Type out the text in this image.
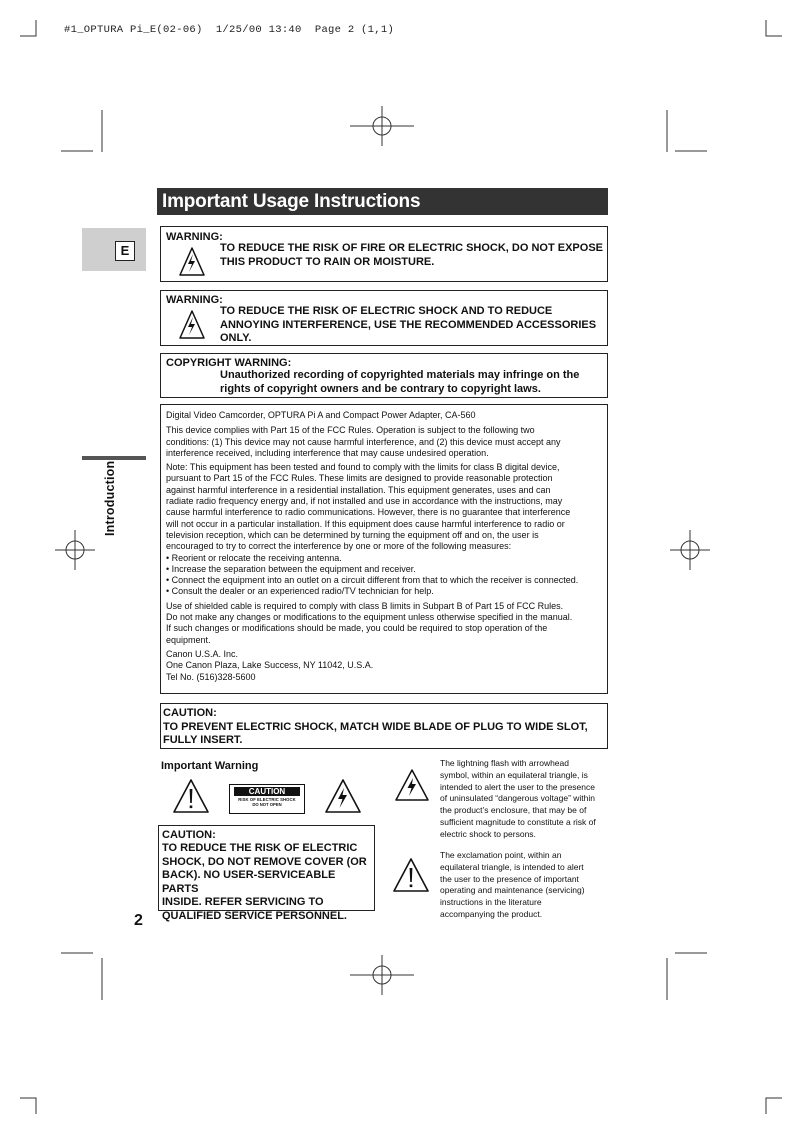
#1_OPTURA Pi_E(02-06)  1/25/00 13:40  Page 2 (1,1)
Important Usage Instructions
E
Introduction
WARNING:
TO REDUCE THE RISK OF FIRE OR ELECTRIC SHOCK, DO NOT EXPOSE
THIS PRODUCT TO RAIN OR MOISTURE.
WARNING:
TO REDUCE THE RISK OF ELECTRIC SHOCK AND TO REDUCE
ANNOYING INTERFERENCE, USE THE RECOMMENDED ACCESSORIES
ONLY.
COPYRIGHT WARNING:
Unauthorized recording of copyrighted materials may infringe on the
rights of copyright owners and be contrary to copyright laws.

Digital Video Camcorder, OPTURA Pi A and Compact Power Adapter, CA-560

This device complies with Part 15 of the FCC Rules. Operation is subject to the following two
conditions: (1) This device may not cause harmful interference, and (2) this device must accept any
interference received, including interference that may cause undesired operation.
Note: This equipment has been tested and found to comply with the limits for class B digital device,
pursuant to Part 15 of the FCC Rules. These limits are designed to provide reasonable protection
against harmful interference in a residential installation. This equipment generates, uses and can
radiate radio frequency energy and, if not installed and use in accordance with the instructions, may
cause harmful interference to radio communications. However, there is no guarantee that interference
will not occur in a particular installation. If this equipment does cause harmful interference to radio or
television reception, which can be determined by turning the equipment off and on, the user is
encouraged to try to correct the interference by one or more of the following measures:
• Reorient or relocate the receiving antenna.
• Increase the separation between the equipment and receiver.
• Connect the equipment into an outlet on a circuit different from that to which the receiver is connected.
• Consult the dealer or an experienced radio/TV technician for help.
Use of shielded cable is required to comply with class B limits in Subpart B of Part 15 of FCC Rules.
Do not make any changes or modifications to the equipment unless otherwise specified in the manual.
If such changes or modifications should be made, you could be required to stop operation of the
equipment.
Canon U.S.A. Inc.
One Canon Plaza, Lake Success, NY 11042, U.S.A.
Tel No. (516)328-5600
CAUTION:
TO PREVENT ELECTRIC SHOCK, MATCH WIDE BLADE OF PLUG TO WIDE SLOT,
FULLY INSERT.
Important Warning
CAUTION
RISK OF ELECTRIC SHOCK
DO NOT OPEN
CAUTION:
TO REDUCE THE RISK OF ELECTRIC
SHOCK, DO NOT REMOVE COVER (OR
BACK). NO USER-SERVICEABLE PARTS
INSIDE. REFER SERVICING TO
QUALIFIED SERVICE PERSONNEL.
The lightning flash with arrowhead
symbol, within an equilateral triangle, is
intended to alert the user to the presence
of uninsulated “dangerous voltage” within
the product’s enclosure, that may be of
sufficient magnitude to constitute a risk of
electric shock to persons.
The exclamation point, within an
equilateral triangle, is intended to alert
the user to the presence of important
operating and maintenance (servicing)
instructions in the literature
accompanying the product.
2
